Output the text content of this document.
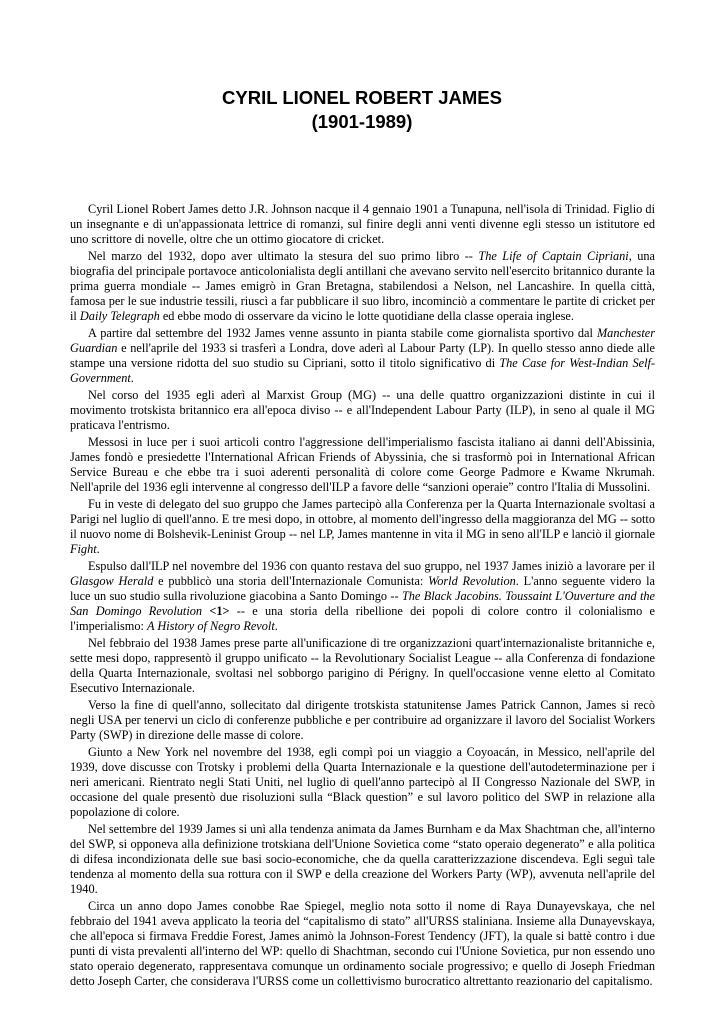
CYRIL LIONEL ROBERT JAMES
(1901-1989)

Cyril Lionel Robert James detto J.R. Johnson nacque il 4 gennaio 1901 a Tunapuna, nell'isola di Trinidad. Figlio di un insegnante e di un'appassionata lettrice di romanzi, sul finire degli anni venti divenne egli stesso un istitutore ed uno scrittore di novelle, oltre che un ottimo giocatore di cricket.

Nel marzo del 1932, dopo aver ultimato la stesura del suo primo libro -- The Life of Captain Cipriani, una biografia del principale portavoce anticolonialista degli antillani che avevano servito nell'esercito britannico durante la prima guerra mondiale -- James emigrò in Gran Bretagna, stabilendosi a Nelson, nel Lancashire. In quella città, famosa per le sue industrie tessili, riuscì a far pubblicare il suo libro, incominciò a commentare le partite di cricket per il Daily Telegraph ed ebbe modo di osservare da vicino le lotte quotidiane della classe operaia inglese.

A partire dal settembre del 1932 James venne assunto in pianta stabile come giornalista sportivo dal Manchester Guardian e nell'aprile del 1933 si trasferì a Londra, dove aderì al Labour Party (LP). In quello stesso anno diede alle stampe una versione ridotta del suo studio su Cipriani, sotto il titolo significativo di The Case for West-Indian Self-Government.

Nel corso del 1935 egli aderì al Marxist Group (MG) -- una delle quattro organizzazioni distinte in cui il movimento trotskista britannico era all'epoca diviso -- e all'Independent Labour Party (ILP), in seno al quale il MG praticava l'entrismo.

Messosi in luce per i suoi articoli contro l'aggressione dell'imperialismo fascista italiano ai danni dell'Abissinia, James fondò e presiedette l'International African Friends of Abyssinia, che si trasformò poi in International African Service Bureau e che ebbe tra i suoi aderenti personalità di colore come George Padmore e Kwame Nkrumah. Nell'aprile del 1936 egli intervenne al congresso dell'ILP a favore delle “sanzioni operaie” contro l'Italia di Mussolini.

Fu in veste di delegato del suo gruppo che James partecipò alla Conferenza per la Quarta Internazionale svoltasi a Parigi nel luglio di quell'anno. E tre mesi dopo, in ottobre, al momento dell'ingresso della maggioranza del MG -- sotto il nuovo nome di Bolshevik-Leninist Group -- nel LP, James mantenne in vita il MG in seno all'ILP e lanciò il giornale Fight.

Espulso dall'ILP nel novembre del 1936 con quanto restava del suo gruppo, nel 1937 James iniziò a lavorare per il Glasgow Herald e pubblicò una storia dell'Internazionale Comunista: World Revolution. L'anno seguente videro la luce un suo studio sulla rivoluzione giacobina a Santo Domingo -- The Black Jacobins. Toussaint L'Ouverture and the San Domingo Revolution <1> -- e una storia della ribellione dei popoli di colore contro il colonialismo e l'imperialismo: A History of Negro Revolt.

Nel febbraio del 1938 James prese parte all'unificazione di tre organizzazioni quart'internazionaliste britanniche e, sette mesi dopo, rappresentò il gruppo unificato -- la Revolutionary Socialist League -- alla Conferenza di fondazione della Quarta Internazionale, svoltasi nel sobborgo parigino di Périgny. In quell'occasione venne eletto al Comitato Esecutivo Internazionale.

Verso la fine di quell'anno, sollecitato dal dirigente trotskista statunitense James Patrick Cannon, James si recò negli USA per tenervi un ciclo di conferenze pubbliche e per contribuire ad organizzare il lavoro del Socialist Workers Party (SWP) in direzione delle masse di colore.

Giunto a New York nel novembre del 1938, egli compì poi un viaggio a Coyoacán, in Messico, nell'aprile del 1939, dove discusse con Trotsky i problemi della Quarta Internazionale e la questione dell'autodeterminazione per i neri americani. Rientrato negli Stati Uniti, nel luglio di quell'anno partecipò al II Congresso Nazionale del SWP, in occasione del quale presentò due risoluzioni sulla “Black question” e sul lavoro politico del SWP in relazione alla popolazione di colore.

Nel settembre del 1939 James si unì alla tendenza animata da James Burnham e da Max Shachtman che, all'interno del SWP, si opponeva alla definizione trotskiana dell'Unione Sovietica come “stato operaio degenerato” e alla politica di difesa incondizionata delle sue basi socio-economiche, che da quella caratterizzazione discendeva. Egli seguì tale tendenza al momento della sua rottura con il SWP e della creazione del Workers Party (WP), avvenuta nell'aprile del 1940.

Circa un anno dopo James conobbe Rae Spiegel, meglio nota sotto il nome di Raya Dunayevskaya, che nel febbraio del 1941 aveva applicato la teoria del “capitalismo di stato” all'URSS staliniana. Insieme alla Dunayevskaya, che all'epoca si firmava Freddie Forest, James animò la Johnson-Forest Tendency (JFT), la quale si battè contro i due punti di vista prevalenti all'interno del WP: quello di Shachtman, secondo cui l'Unione Sovietica, pur non essendo uno stato operaio degenerato, rappresentava comunque un ordinamento sociale progressivo; e quello di Joseph Friedman detto Joseph Carter, che considerava l'URSS come un collettivismo burocratico altrettanto reazionario del capitalismo.
